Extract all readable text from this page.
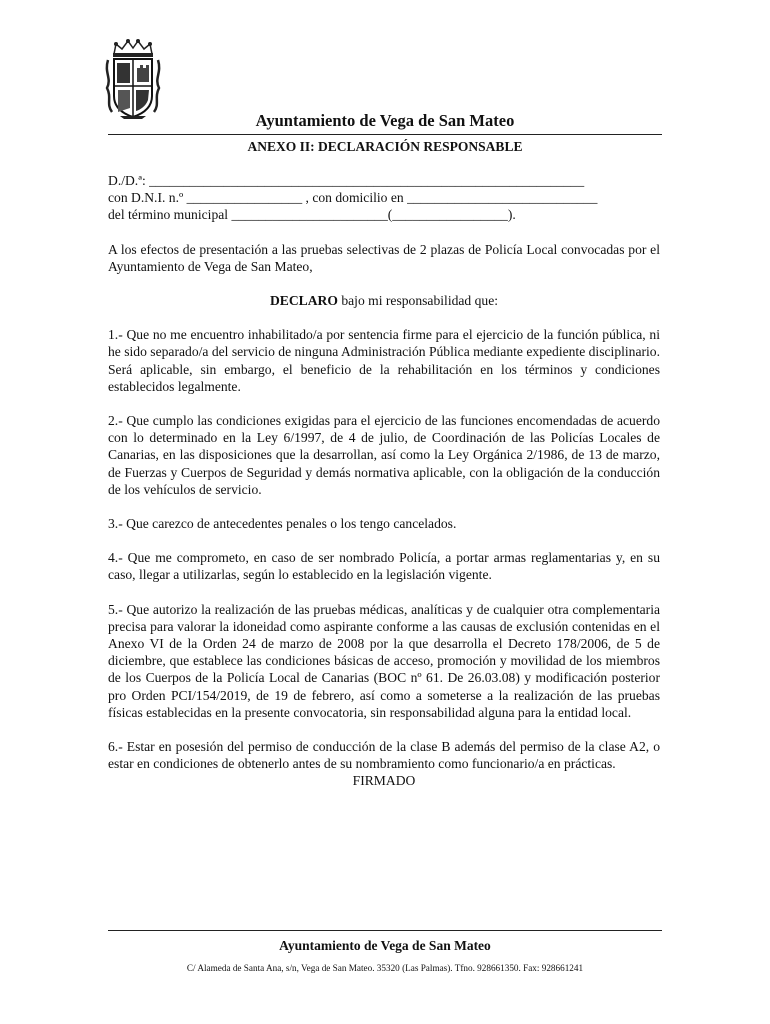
Ayuntamiento de Vega de San Mateo
ANEXO II: DECLARACIÓN RESPONSABLE
D./D.ª: ________________________________________________________________
con D.N.I. n.º _________________ , con domicilio en ____________________________
del término municipal _______________________(_________________).

A los efectos de presentación a las pruebas selectivas de 2 plazas de Policía Local convocadas por el Ayuntamiento de Vega de San Mateo,

DECLARO bajo mi responsabilidad que:

1.- Que no me encuentro inhabilitado/a por sentencia firme para el ejercicio de la función pública, ni he sido separado/a del servicio de ninguna Administración Pública mediante expediente disciplinario. Será aplicable, sin embargo, el beneficio de la rehabilitación en los términos y condiciones establecidos legalmente.

2.- Que cumplo las condiciones exigidas para el ejercicio de las funciones encomendadas de acuerdo con lo determinado en la Ley 6/1997, de 4 de julio, de Coordinación de las Policías Locales de Canarias, en las disposiciones que la desarrollan, así como la Ley Orgánica 2/1986, de 13 de marzo, de Fuerzas y Cuerpos de Seguridad y demás normativa aplicable, con la obligación de la conducción de los vehículos de servicio.

3.- Que carezco de antecedentes penales o los tengo cancelados.

4.- Que me comprometo, en caso de ser nombrado Policía, a portar armas reglamentarias y, en su caso, llegar a utilizarlas, según lo establecido en la legislación vigente.

5.- Que autorizo la realización de las pruebas médicas, analíticas y de cualquier otra complementaria precisa para valorar la idoneidad como aspirante conforme a las causas de exclusión contenidas en el Anexo VI de la Orden 24 de marzo de 2008 por la que desarrolla el Decreto 178/2006, de 5 de diciembre, que establece las condiciones básicas de acceso, promoción y movilidad de los miembros de los Cuerpos de la Policía Local de Canarias (BOC nº 61. De 26.03.08) y modificación posterior pro Orden PCI/154/2019, de 19 de febrero, así como a someterse a la realización de las pruebas físicas establecidas en la presente convocatoria, sin responsabilidad alguna para la entidad local.

6.- Estar en posesión del permiso de conducción de la clase B además del permiso de la clase A2, o estar en condiciones de obtenerlo antes de su nombramiento como funcionario/a en prácticas.

FIRMADO

Ayuntamiento de Vega de San Mateo
C/ Alameda de Santa Ana, s/n, Vega de San Mateo. 35320 (Las Palmas). Tfno. 928661350. Fax: 928661241
